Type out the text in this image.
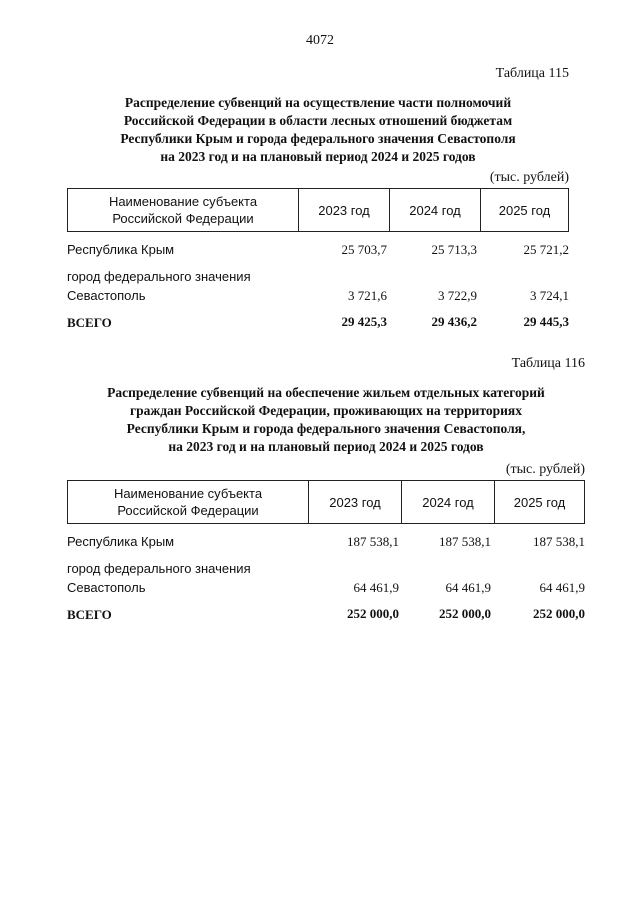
4072
Таблица 115
Распределение субвенций на осуществление части полномочий
Российской Федерации в области лесных отношений бюджетам
Республики Крым и города федерального значения Севастополя
на 2023 год и на плановый период 2024 и 2025 годов
(тыс. рублей)
Наименование субъекта
Российской Федерации
2023 год	2024 год	2025 год
Республика Крым	25 703,7	25 713,3	25 721,2
город федерального значения
Севастополь	3 721,6	3 722,9	3 724,1
ВСЕГО	29 425,3	29 436,2	29 445,3
Таблица 116
Распределение субвенций на обеспечение жильем отдельных категорий
граждан Российской Федерации, проживающих на территориях
Республики Крым и города федерального значения Севастополя,
на 2023 год и на плановый период 2024 и 2025 годов
(тыс. рублей)
Наименование субъекта
Российской Федерации
2023 год	2024 год	2025 год
Республика Крым	187 538,1	187 538,1	187 538,1
город федерального значения
Севастополь	64 461,9	64 461,9	64 461,9
ВСЕГО	252 000,0	252 000,0	252 000,0
